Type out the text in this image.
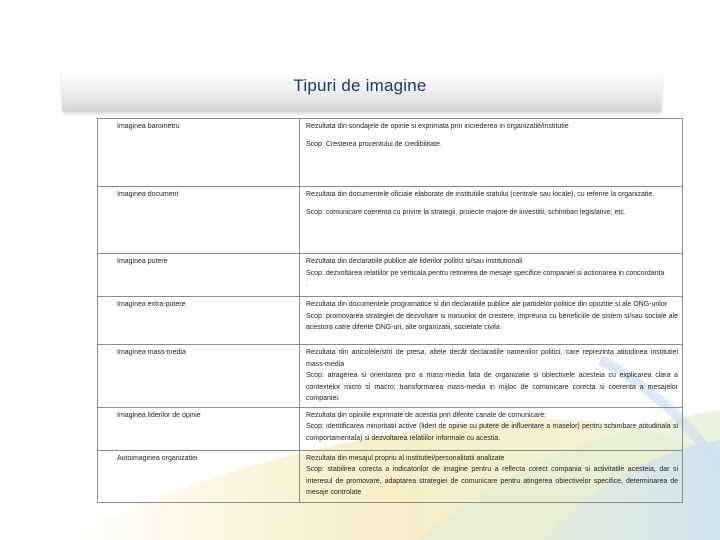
Tipuri de imagine
Imaginea barometru	Rezultata din sondajele de opinie si exprimata prin increderea in organizatie/institutie
Scop: Cresterea procentului de credibilitate.

Imaginea document	Rezultata din documentele oficiale elaborate de institutiile statului (centrale sau locale), cu referire la organizatie.
Scop: comunicare coerenta cu privire la strategii, proiecte majore de investitii, schimbari legislative, etc.

Imaginea putere	Rezultata din declaratiile publice ale liderilor politici si/sau institutionali
Scop: dezvoltarea relatiilor pe verticala pentru retinerea de mesaje specifice companiei si actionarea in concordanta
.

Imaginea extra-putere	Rezultata din documentele programatice si din declaratiile publice ale partidelor politice din opozitie si ale ONG-urilor
Scop: promovarea strategiei de dezvoltare si masurilor de crestere, impreuna cu beneficiile de sistem si/sau sociale ale acestora catre diferite ONG-uri, alte organizatii, societate civila

Imaginea mass-media	Rezultata din articolele/stiri de presa, altele decât declaratiile oamenilor politici, care reprezinta atitudinea institutiei mass-media
Scop: atragerea si orientarea pro a mass-media fata de organizatie si obiectivele acesteia cu explicarea clara a contextelor micro si macro; transformarea mass-media in mijloc de comunicare corecta si coerenta a mesajelor companiei.

Imaginea liderilor de opinie	Rezultata din opiniile exprimate de acestia prin diferite canale de comunicare;
Scop: identificarea minoritatii active (lideri de opinie cu putere de influentare a maselor) pentru schimbare atitudinala si comportamentala) si dezvoltarea relatiilor informale cu acestia.

Autoimaginea organizatiei	Rezultata din mesajul propriu al institutiei/personalitatii analizate
Scop: stabilirea corecta a indicatorilor de imagine pentru a reflecta corect compania si activitatile acesteia, dar si interesul de promovare, adaptarea strategiei de comunicare pentru atingerea obiectivelor specifice, determinarea de mesaje controlate
